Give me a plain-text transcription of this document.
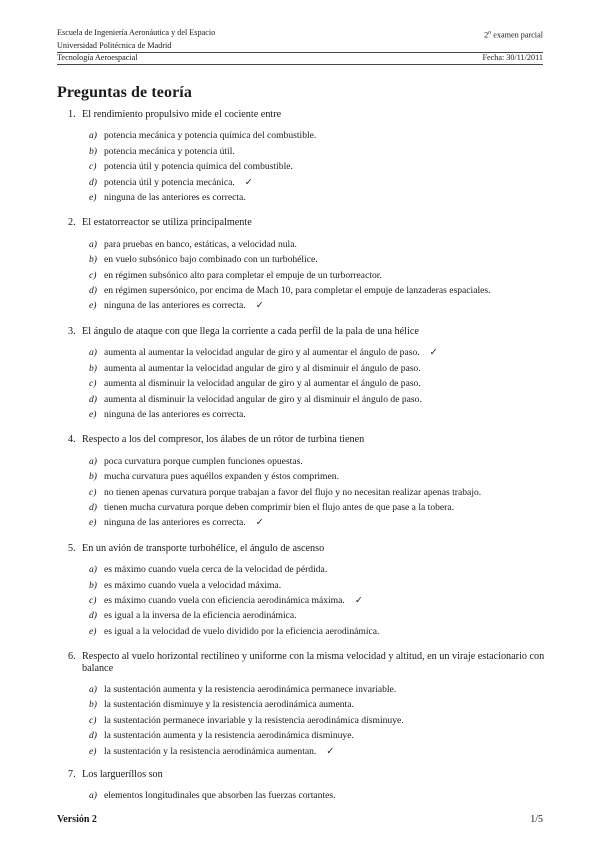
Escuela de Ingeniería Aeronáutica y del Espacio	2$^o$ examen parcial
Universidad Politécnica de Madrid
Tecnología Aeroespacial	Fecha: 30/11/2011
Preguntas de teoría
1. El rendimiento propulsivo mide el cociente entre
a) potencia mecánica y potencia química del combustible.
b) potencia mecánica y potencia útil.
c) potencia útil y potencia química del combustible.
d) potencia útil y potencia mecánica. ✓
e) ninguna de las anteriores es correcta.
2. El estatorreactor se utiliza principalmente
a) para pruebas en banco, estáticas, a velocidad nula.
b) en vuelo subsónico bajo combinado con un turbohélice.
c) en régimen subsónico alto para completar el empuje de un turborreactor.
d) en régimen supersónico, por encima de Mach 10, para completar el empuje de lanzaderas espaciales.
e) ninguna de las anteriores es correcta. ✓
3. El ángulo de ataque con que llega la corriente a cada perfil de la pala de una hélice
a) aumenta al aumentar la velocidad angular de giro y al aumentar el ángulo de paso. ✓
b) aumenta al aumentar la velocidad angular de giro y al disminuir el ángulo de paso.
c) aumenta al disminuir la velocidad angular de giro y al aumentar el ángulo de paso.
d) aumenta al disminuir la velocidad angular de giro y al disminuir el ángulo de paso.
e) ninguna de las anteriores es correcta.
4. Respecto a los del compresor, los álabes de un rótor de turbina tienen
a) poca curvatura porque cumplen funciones opuestas.
b) mucha curvatura pues aquéllos expanden y éstos comprimen.
c) no tienen apenas curvatura porque trabajan a favor del flujo y no necesitan realizar apenas trabajo.
d) tienen mucha curvatura porque deben comprimir bien el flujo antes de que pase a la tobera.
e) ninguna de las anteriores es correcta. ✓
5. En un avión de transporte turbohélice, el ángulo de ascenso
a) es máximo cuando vuela cerca de la velocidad de pérdida.
b) es máximo cuando vuela a velocidad máxima.
c) es máximo cuando vuela con eficiencia aerodinámica máxima. ✓
d) es igual a la inversa de la eficiencia aerodinámica.
e) es igual a la velocidad de vuelo dividido por la eficiencia aerodinámica.
6. Respecto al vuelo horizontal rectilíneo y uniforme con la misma velocidad y altitud, en un viraje estacionario con balance
a) la sustentación aumenta y la resistencia aerodinámica permanece invariable.
b) la sustentación disminuye y la resistencia aerodinámica aumenta.
c) la sustentación permanece invariable y la resistencia aerodinámica disminuye.
d) la sustentación aumenta y la resistencia aerodinámica disminuye.
e) la sustentación y la resistencia aerodinámica aumentan. ✓
7. Los largueríllos son
a) elementos longitudinales que absorben las fuerzas cortantes.
Versión 2	1/5
